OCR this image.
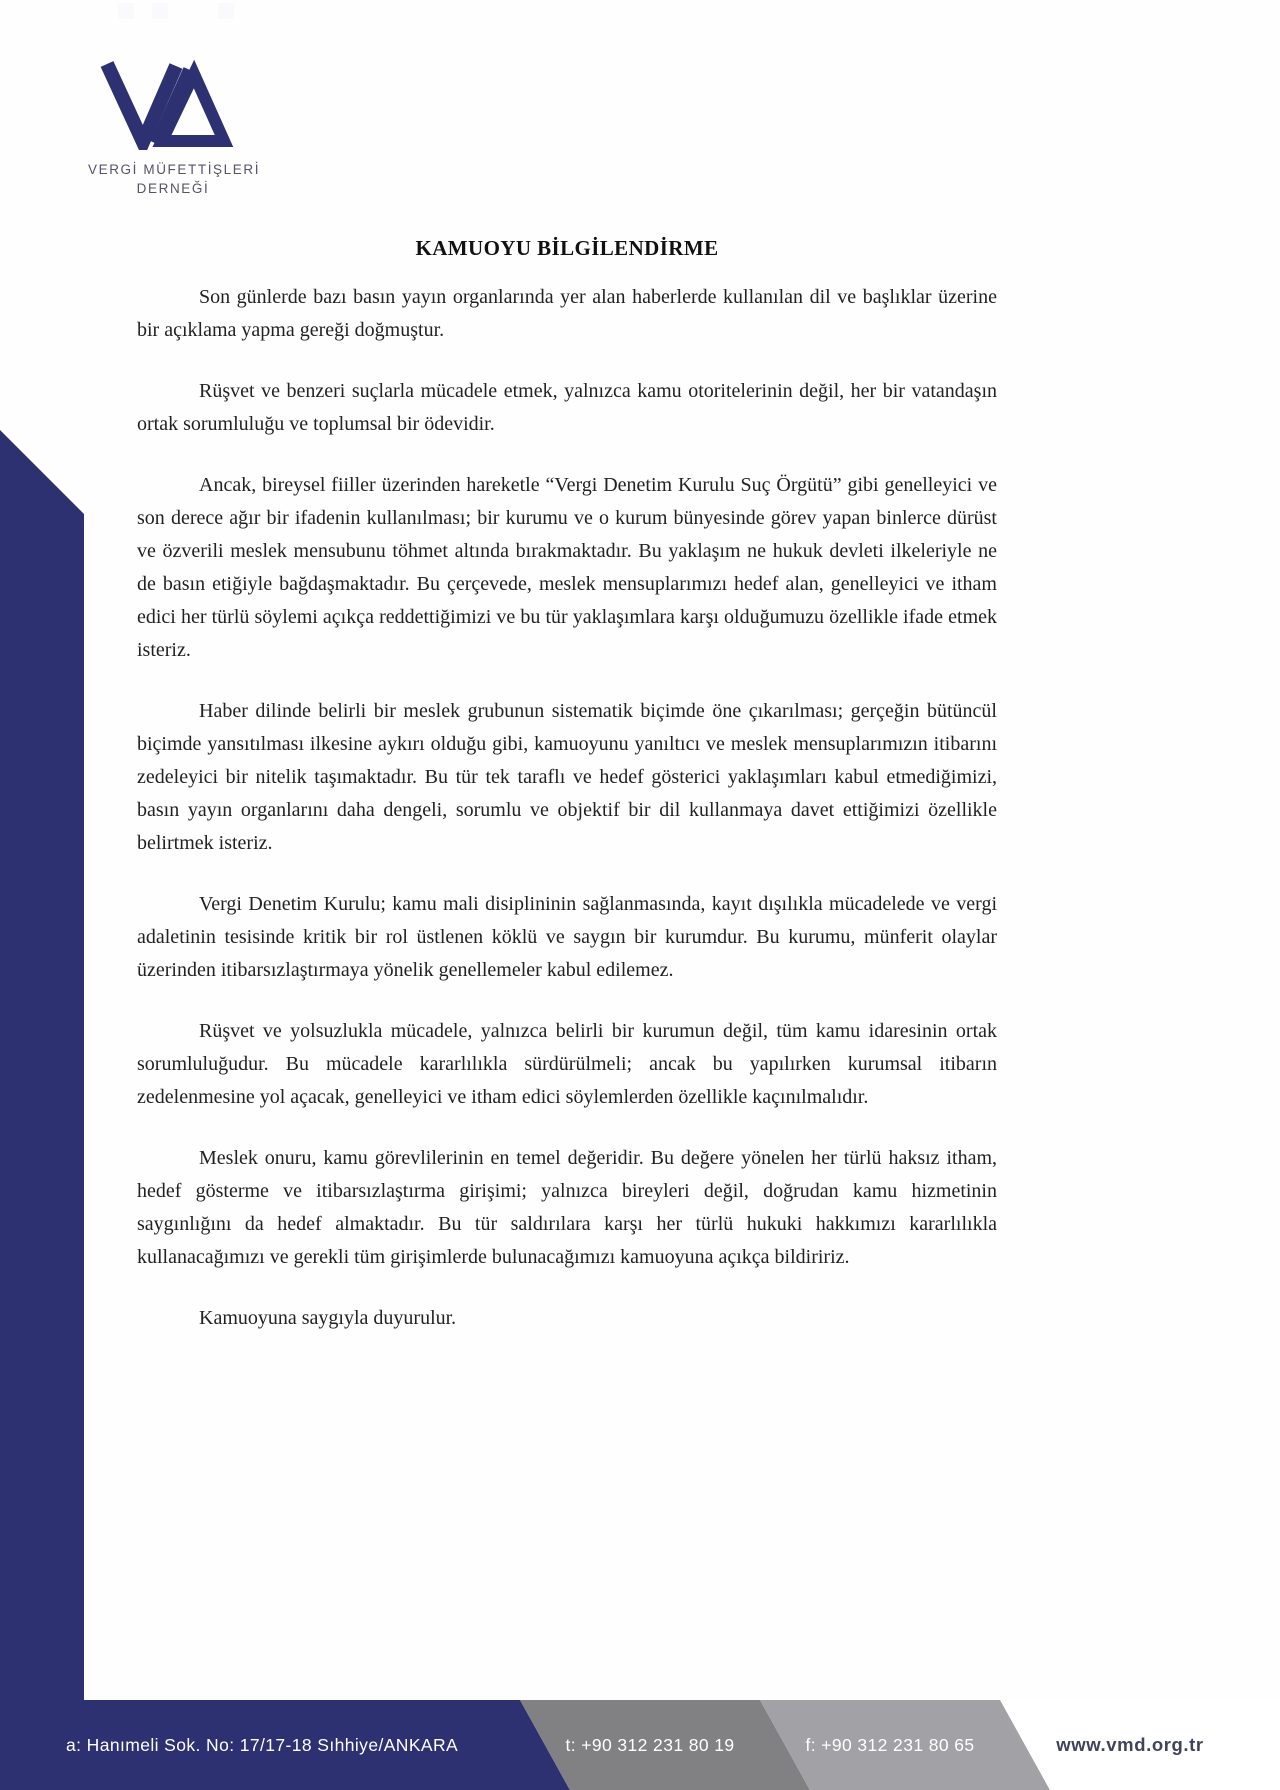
VERGİ MÜFETTİŞLERİ
DERNEĞİ
KAMUOYU BİLGİLENDİRME

Son günlerde bazı basın yayın organlarında yer alan haberlerde kullanılan dil ve başlıklar üzerine bir açıklama yapma gereği doğmuştur.

Rüşvet ve benzeri suçlarla mücadele etmek, yalnızca kamu otoritelerinin değil, her bir vatandaşın ortak sorumluluğu ve toplumsal bir ödevidir.

Ancak, bireysel fiiller üzerinden hareketle “Vergi Denetim Kurulu Suç Örgütü” gibi genelleyici ve son derece ağır bir ifadenin kullanılması; bir kurumu ve o kurum bünyesinde görev yapan binlerce dürüst ve özverili meslek mensubunu töhmet altında bırakmaktadır. Bu yaklaşım ne hukuk devleti ilkeleriyle ne de basın etiğiyle bağdaşmaktadır. Bu çerçevede, meslek mensuplarımızı hedef alan, genelleyici ve itham edici her türlü söylemi açıkça reddettiğimizi ve bu tür yaklaşımlara karşı olduğumuzu özellikle ifade etmek isteriz.

Haber dilinde belirli bir meslek grubunun sistematik biçimde öne çıkarılması; gerçeğin bütüncül biçimde yansıtılması ilkesine aykırı olduğu gibi, kamuoyunu yanıltıcı ve meslek mensuplarımızın itibarını zedeleyici bir nitelik taşımaktadır. Bu tür tek taraflı ve hedef gösterici yaklaşımları kabul etmediğimizi, basın yayın organlarını daha dengeli, sorumlu ve objektif bir dil kullanmaya davet ettiğimizi özellikle belirtmek isteriz.

Vergi Denetim Kurulu; kamu mali disiplininin sağlanmasında, kayıt dışılıkla mücadelede ve vergi adaletinin tesisinde kritik bir rol üstlenen köklü ve saygın bir kurumdur. Bu kurumu, münferit olaylar üzerinden itibarsızlaştırmaya yönelik genellemeler kabul edilemez.

Rüşvet ve yolsuzlukla mücadele, yalnızca belirli bir kurumun değil, tüm kamu idaresinin ortak sorumluluğudur. Bu mücadele kararlılıkla sürdürülmeli; ancak bu yapılırken kurumsal itibarın zedelenmesine yol açacak, genelleyici ve itham edici söylemlerden özellikle kaçınılmalıdır.

Meslek onuru, kamu görevlilerinin en temel değeridir. Bu değere yönelen her türlü haksız itham, hedef gösterme ve itibarsızlaştırma girişimi; yalnızca bireyleri değil, doğrudan kamu hizmetinin saygınlığını da hedef almaktadır. Bu tür saldırılara karşı her türlü hukuki hakkımızı kararlılıkla kullanacağımızı ve gerekli tüm girişimlerde bulunacağımızı kamuoyuna açıkça bildiririz.

Kamuoyuna saygıyla duyurulur.

a: Hanımeli Sok. No: 17/17-18 Sıhhiye/ANKARA	t: +90 312 231 80 19	f: +90 312 231 80 65	www.vmd.org.tr
